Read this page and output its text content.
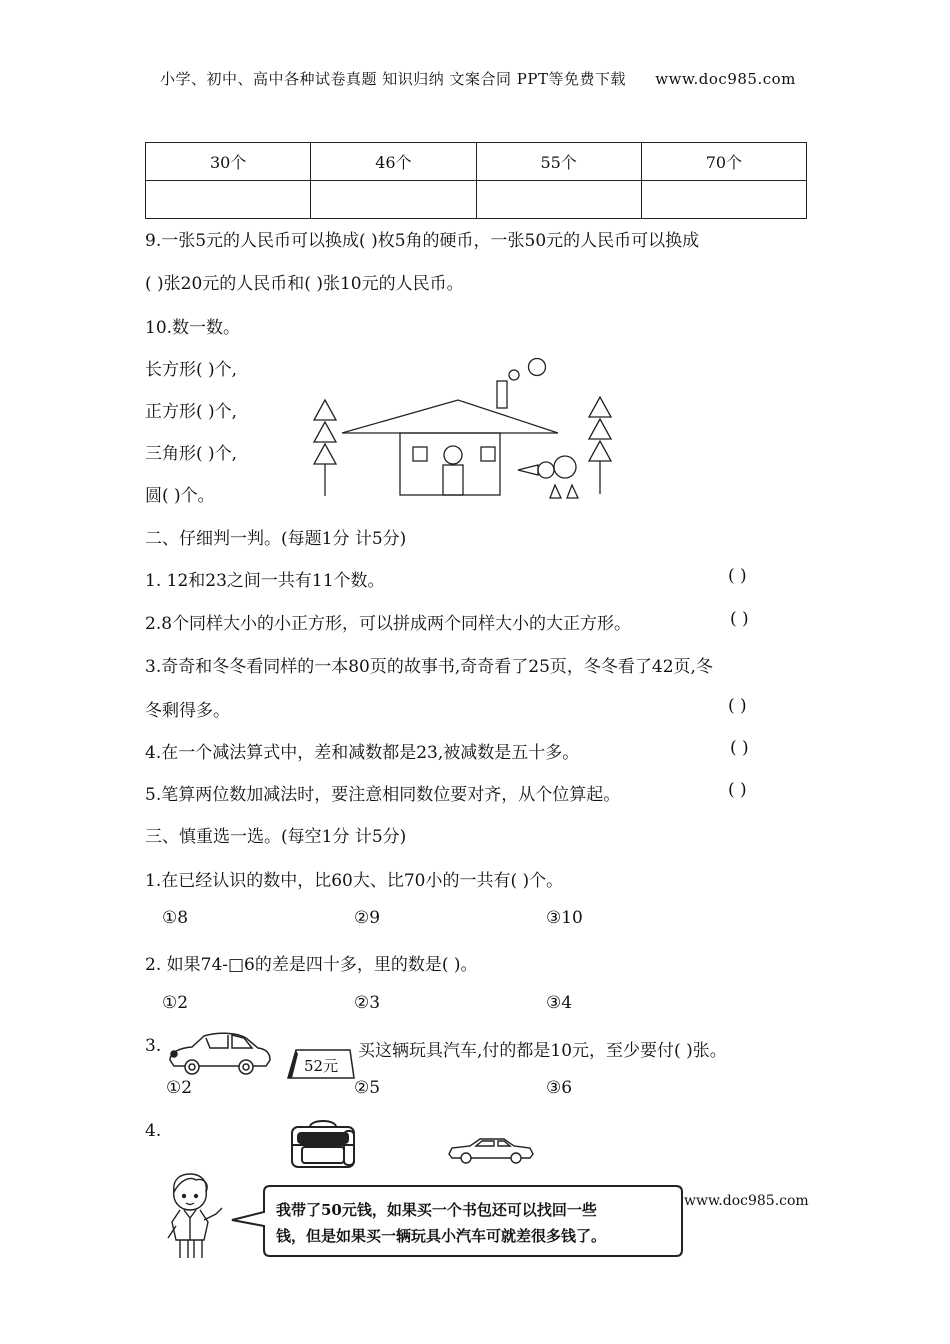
小学、初中、高中各种试卷真题 知识归纳 文案合同 PPT等免费下载 www.doc985.com
30个	46个	55个	70个

9.一张5元的人民币可以换成( )枚5角的硬币，一张50元的人民币可以换成
( )张20元的人民币和( )张10元的人民币。
10.数一数。
长方形( )个,
正方形( )个,
三角形( )个,
圆( )个。
二、仔细判一判。(每题1分 计5分)
1. 12和23之间一共有11个数。	( )
2.8个同样大小的小正方形，可以拼成两个同样大小的大正方形。	( )
3.奇奇和冬冬看同样的一本80页的故事书,奇奇看了25页，冬冬看了42页,冬
冬剩得多。	( )
4.在一个减法算式中，差和减数都是23,被减数是五十多。	( )
5.笔算两位数加减法时，要注意相同数位要对齐，从个位算起。	( )
三、慎重选一选。(每空1分 计5分)
1.在已经认识的数中，比60大、比70小的一共有( )个。
①8	②9	③10
2. 如果74-□6的差是四十多，里的数是( )。
①2	②3	③4
3.
52元
买这辆玩具汽车,付的都是10元，至少要付( )张。
①2	②5	③6
4.
我带了50元钱，如果买一个书包还可以找回一些
钱，但是如果买一辆玩具小汽车可就差很多钱了。
www.doc985.com
